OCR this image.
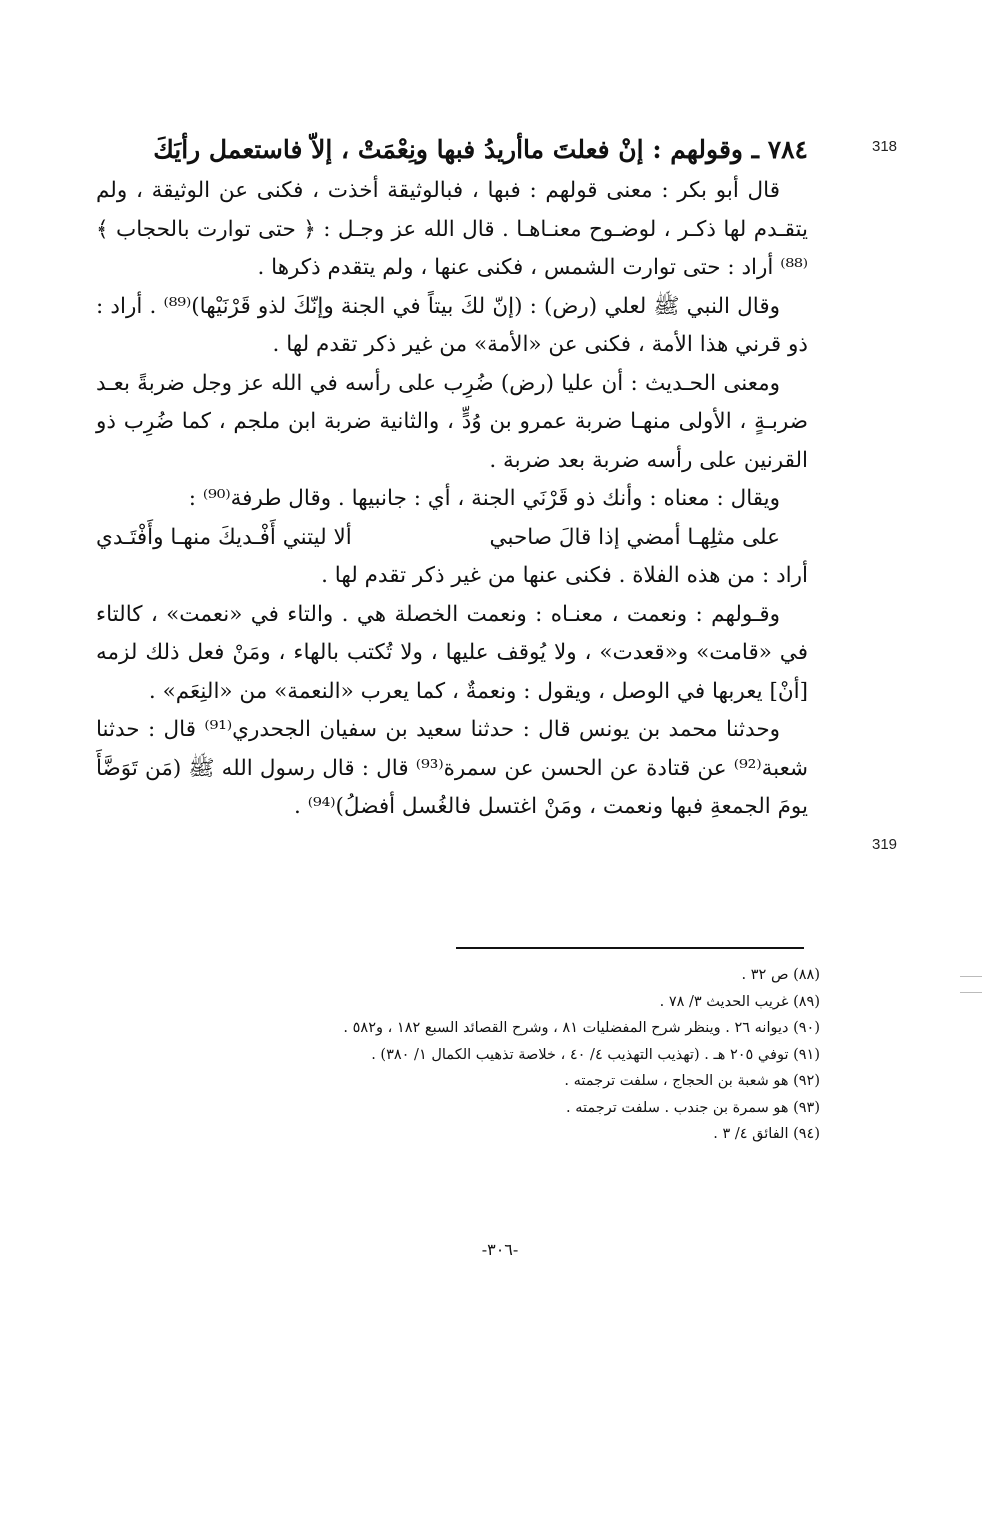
318
319
٧٨٤ ـ وقولهم : إنْ فعلتَ ماأريدُ فبها ونِعْمَتْ ، إلاّ فاستعمل رأيَكَ

قال أبو بكر : معنى قولهم : فبها ، فبالوثيقة أخذت ، فكنى عن الوثيقة ، ولم يتقـدم لها ذكـر ، لوضـوح معنـاهـا . قال الله عز وجـل : ﴿ حتى توارت بالحجاب ﴾⁽⁸⁸⁾ أراد : حتى توارت الشمس ، فكنى عنها ، ولم يتقدم ذكرها .

وقال النبي ﷺ لعلي (رض) : (إنّ لكَ بيتاً في الجنة وإنّكَ لذو قَرْنَيْها)⁽⁸⁹⁾ . أراد : ذو قرني هذا الأمة ، فكنى عن «الأمة» من غير ذكر تقدم لها .

ومعنى الحـديث : أن عليا (رض) ضُرِب على رأسه في الله عز وجل ضربةً بعـد ضربـةٍ ، الأولى منهـا ضربة عمرو بن وُدٍّ ، والثانية ضربة ابن ملجم ، كما ضُرِب ذو القرنين على رأسه ضربة بعد ضربة .

ويقال : معناه : وأنك ذو قَرْنَي الجنة ، أي : جانبيها . وقال طرفة⁽⁹⁰⁾ :

على مثلِهـا أمضي إذا قالَ صاحبي
ألا ليتني أَفْـديكَ منهـا وأَفْتَـدي

أراد : من هذه الفلاة . فكنى عنها من غير ذكر تقدم لها .

وقـولهم : ونعمت ، معنـاه : ونعمت الخصلة هي . والتاء في «نعمت» ، كالتاء في «قامت» و«قعدت» ، ولا يُوقف عليها ، ولا تُكتب بالهاء ، ومَنْ فعل ذلك لزمه [أنْ] يعربها في الوصل ، ويقول : ونعمةٌ ، كما يعرب «النعمة» من «النِعَم» .

وحدثنا محمد بن يونس قال : حدثنا سعيد بن سفيان الجحدري⁽⁹¹⁾ قال : حدثنا شعبة⁽⁹²⁾ عن قتادة عن الحسن عن سمرة⁽⁹³⁾ قال : قال رسول الله ﷺ (مَن تَوَضَّأَ يومَ الجمعةِ فبها ونعمت ، ومَنْ اغتسل فالغُسل أفضلُ)⁽⁹⁴⁾ .

(٨٨) ص ٣٢ .
(٨٩) غريب الحديث ٣/ ٧٨ .
(٩٠) ديوانه ٢٦ . وينظر شرح المفضليات ٨١ ، وشرح القصائد السبع ١٨٢ ، و٥٨٢ .
(٩١) توفي ٢٠٥ هـ . (تهذيب التهذيب ٤/ ٤٠ ، خلاصة تذهيب الكمال ١/ ٣٨٠) .
(٩٢) هو شعبة بن الحجاج ، سلفت ترجمته .
(٩٣) هو سمرة بن جندب . سلفت ترجمته .
(٩٤) الفائق ٤/ ٣ .
-٣٠٦-
